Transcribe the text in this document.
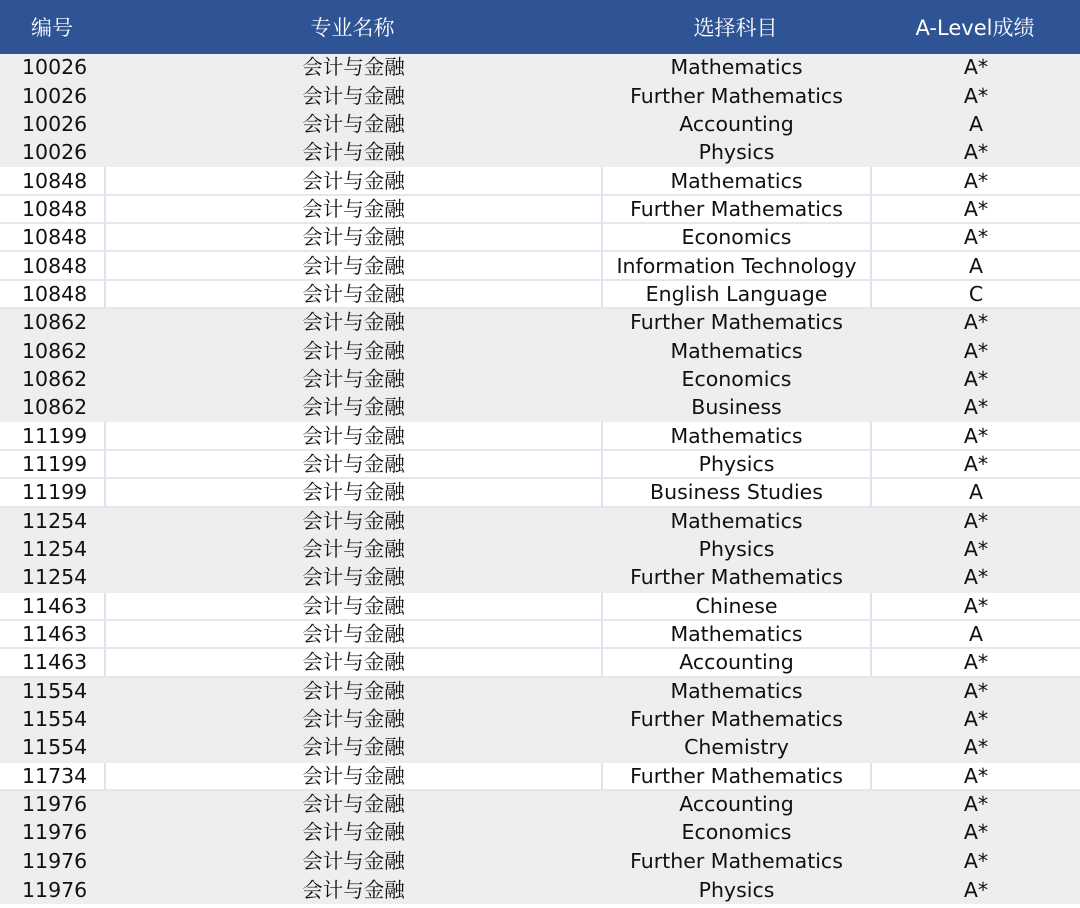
编号	专业名称	选择科目	A-Level成绩
10026	会计与金融	Mathematics	A*
10026	会计与金融	Further Mathematics	A*
10026	会计与金融	Accounting	A
10026	会计与金融	Physics	A*
10848	会计与金融	Mathematics	A*
10848	会计与金融	Further Mathematics	A*
10848	会计与金融	Economics	A*
10848	会计与金融	Information Technology	A
10848	会计与金融	English Language	C
10862	会计与金融	Further Mathematics	A*
10862	会计与金融	Mathematics	A*
10862	会计与金融	Economics	A*
10862	会计与金融	Business	A*
11199	会计与金融	Mathematics	A*
11199	会计与金融	Physics	A*
11199	会计与金融	Business Studies	A
11254	会计与金融	Mathematics	A*
11254	会计与金融	Physics	A*
11254	会计与金融	Further Mathematics	A*
11463	会计与金融	Chinese	A*
11463	会计与金融	Mathematics	A
11463	会计与金融	Accounting	A*
11554	会计与金融	Mathematics	A*
11554	会计与金融	Further Mathematics	A*
11554	会计与金融	Chemistry	A*
11734	会计与金融	Further Mathematics	A*
11976	会计与金融	Accounting	A*
11976	会计与金融	Economics	A*
11976	会计与金融	Further Mathematics	A*
11976	会计与金融	Physics	A*
